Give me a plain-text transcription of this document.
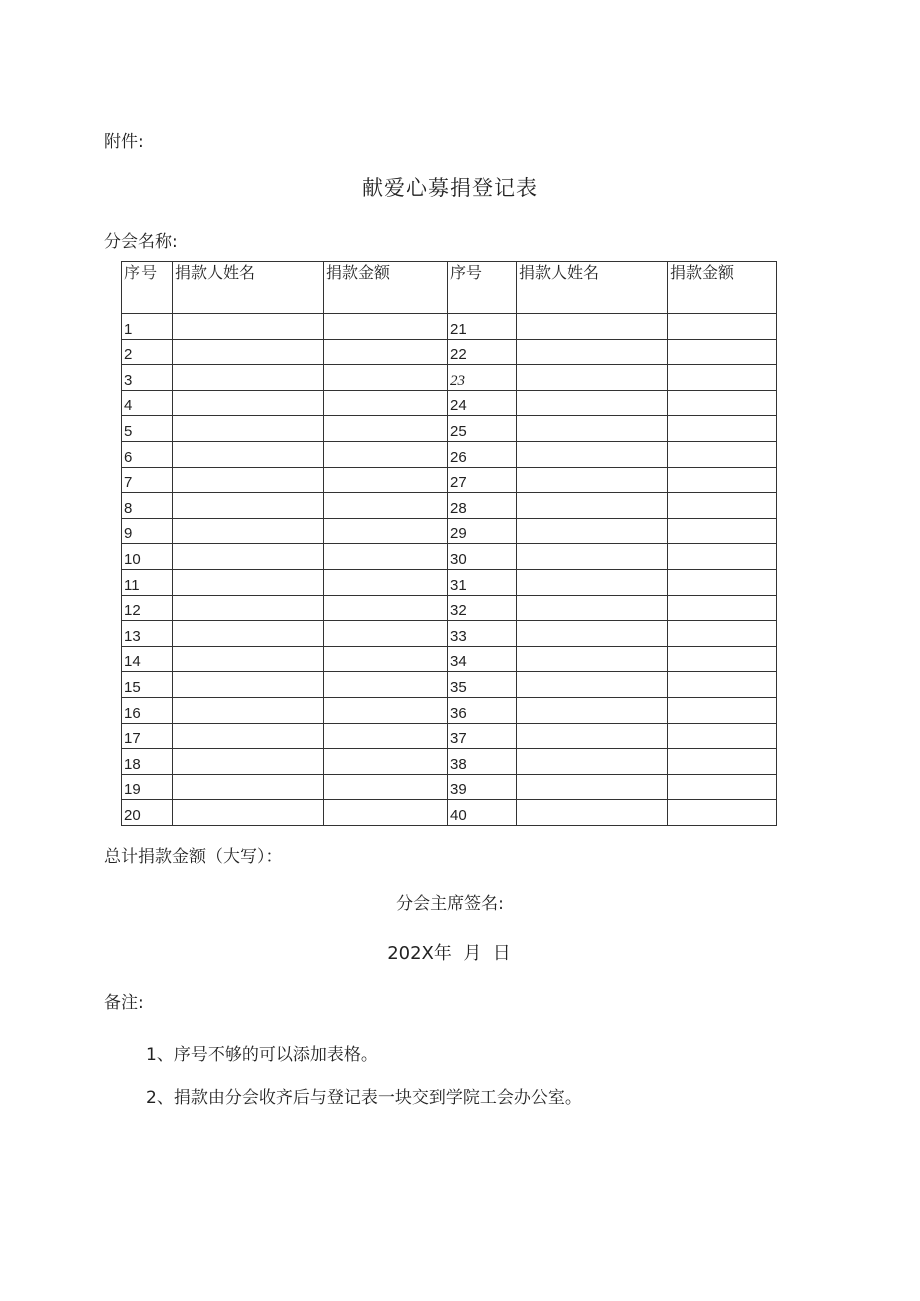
附件:
献爱心募捐登记表
分会名称:
序 号	捐款人姓名	捐款金额	序号	捐款人姓名	捐款金额
1			21		
2			22		
3			23		
4			24		
5			25		
6			26		
7			27		
8			28		
9			29		
10			30		
11			31		
12			32		
13			33		
14			34		
15			35		
16			36		
17			37		
18			38		
19			39		
20			40		
总计捐款金额（大写）：
分会主席签名:
202X年  月  日
备注:
1、序号不够的可以添加表格。
2、捐款由分会收齐后与登记表一块交到学院工会办公室。
